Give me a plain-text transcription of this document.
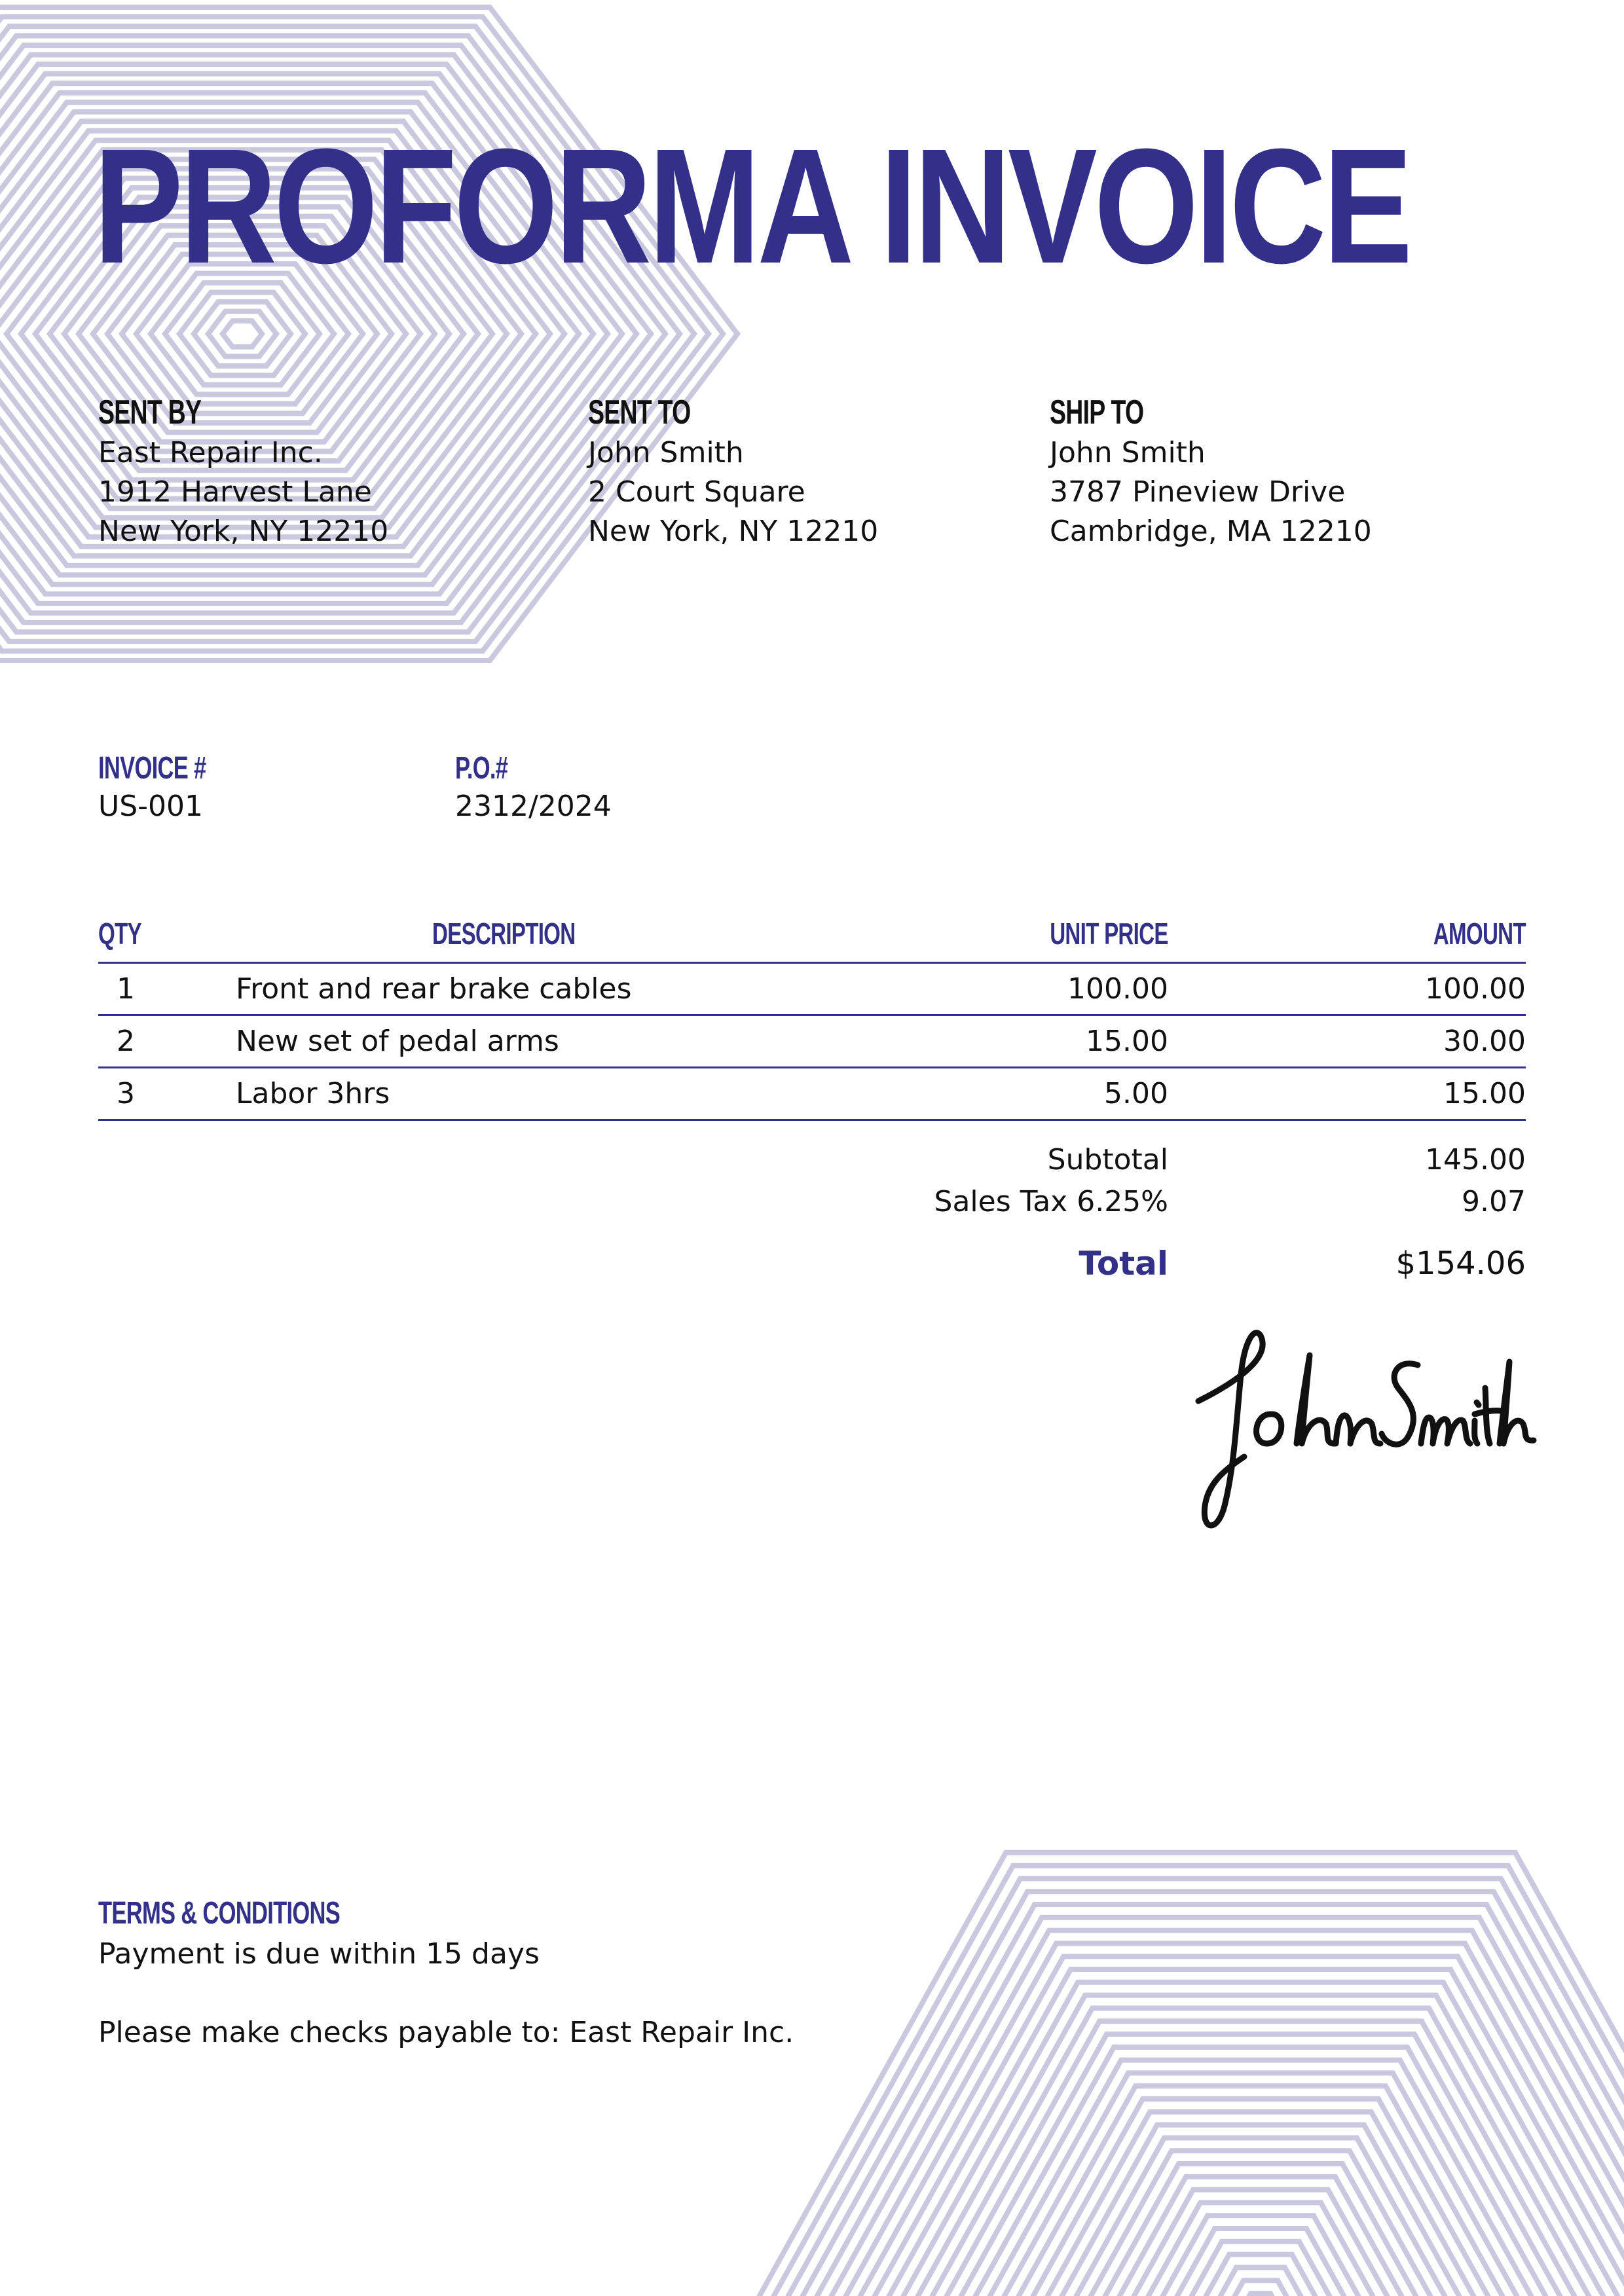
PROFORMA INVOICE
SENT BY
East Repair Inc.
1912 Harvest Lane
New York, NY 12210
SENT TO
John Smith
2 Court Square
New York, NY 12210
SHIP TO
John Smith
3787 Pineview Drive
Cambridge, MA 12210
INVOICE #
US-001
P.O.#
2312/2024
QTY	DESCRIPTION	UNIT PRICE	AMOUNT
1	Front and rear brake cables	100.00	100.00
2	New set of pedal arms	15.00	30.00
3	Labor 3hrs	5.00	15.00
Subtotal	145.00
Sales Tax 6.25%	9.07
Total	$154.06
TERMS & CONDITIONS
Payment is due within 15 days
Please make checks payable to: East Repair Inc.
